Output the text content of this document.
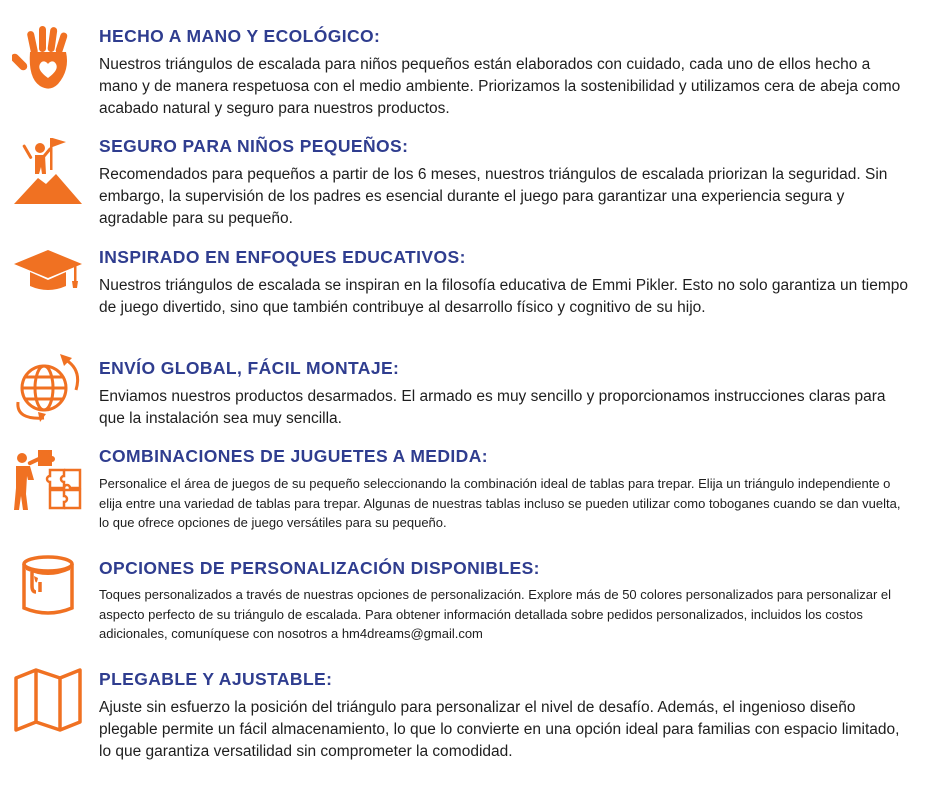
HECHO A MANO Y ECOLÓGICO:
Nuestros triángulos de escalada para niños pequeños están elaborados con cuidado, cada uno de ellos hecho a mano y de manera respetuosa con el medio ambiente. Priorizamos la sostenibilidad y utilizamos cera de abeja como acabado natural y seguro para nuestros productos.
SEGURO PARA NIÑOS PEQUEÑOS:
Recomendados para pequeños a partir de los 6 meses, nuestros triángulos de escalada priorizan la seguridad. Sin embargo, la supervisión de los padres es esencial durante el juego para garantizar una experiencia segura y agradable para su pequeño.
INSPIRADO EN ENFOQUES EDUCATIVOS:
Nuestros triángulos de escalada se inspiran en la filosofía educativa de Emmi Pikler. Esto no solo garantiza un tiempo de juego divertido, sino que también contribuye al desarrollo físico y cognitivo de su hijo.
ENVÍO GLOBAL, FÁCIL MONTAJE:
Enviamos nuestros productos desarmados. El armado es muy sencillo y proporcionamos instrucciones claras para que la instalación sea muy sencilla.
COMBINACIONES DE JUGUETES A MEDIDA:
Personalice el área de juegos de su pequeño seleccionando la combinación ideal de tablas para trepar. Elija un triángulo independiente o elija entre una variedad de tablas para trepar. Algunas de nuestras tablas incluso se pueden utilizar como toboganes cuando se dan vuelta, lo que ofrece opciones de juego versátiles para su pequeño.
OPCIONES DE PERSONALIZACIÓN DISPONIBLES:
Toques personalizados a través de nuestras opciones de personalización. Explore más de 50 colores personalizados para personalizar el aspecto perfecto de su triángulo de escalada. Para obtener información detallada sobre pedidos personalizados, incluidos los costos adicionales, comuníquese con nosotros a hm4dreams@gmail.com
PLEGABLE Y AJUSTABLE:
Ajuste sin esfuerzo la posición del triángulo para personalizar el nivel de desafío. Además, el ingenioso diseño plegable permite un fácil almacenamiento, lo que lo convierte en una opción ideal para familias con espacio limitado, lo que garantiza versatilidad sin comprometer la comodidad.
